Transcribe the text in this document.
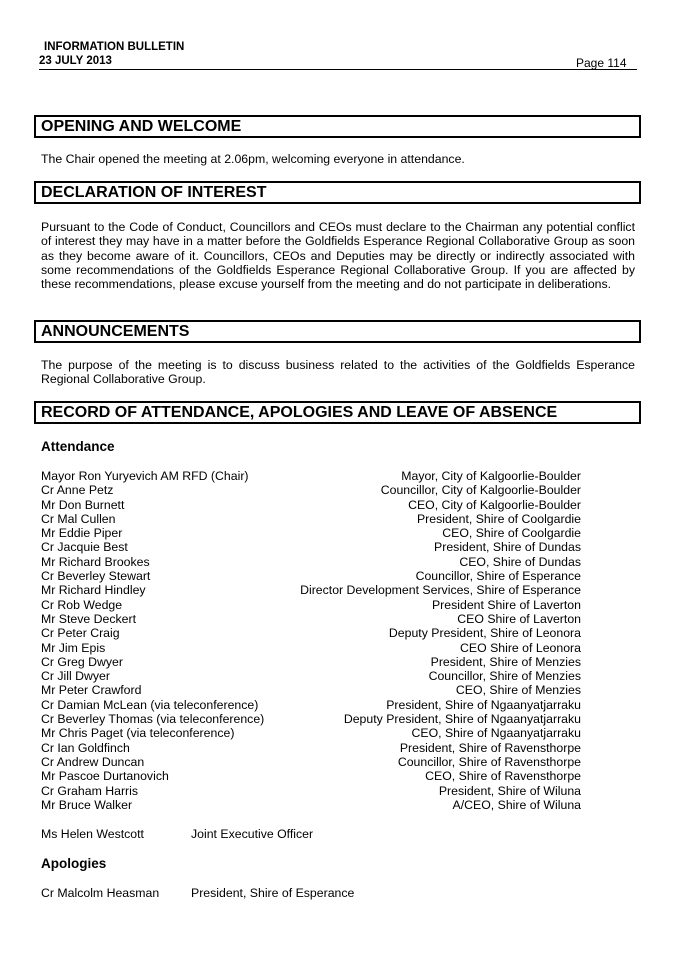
INFORMATION BULLETIN
23 JULY 2013	Page 114
OPENING AND WELCOME

The Chair opened the meeting at 2.06pm, welcoming everyone in attendance.

DECLARATION OF INTEREST

Pursuant to the Code of Conduct, Councillors and CEOs must declare to the Chairman any potential conflict of interest they may have in a matter before the Goldfields Esperance Regional Collaborative Group as soon as they become aware of it. Councillors, CEOs and Deputies may be directly or indirectly associated with some recommendations of the Goldfields Esperance Regional Collaborative Group. If you are affected by these recommendations, please excuse yourself from the meeting and do not participate in deliberations.

ANNOUNCEMENTS

The purpose of the meeting is to discuss business related to the activities of the Goldfields Esperance Regional Collaborative Group.

RECORD OF ATTENDANCE, APOLOGIES AND LEAVE OF ABSENCE
Attendance
Mayor Ron Yuryevich AM RFD (Chair)	Mayor, City of Kalgoorlie-Boulder
Cr Anne Petz	Councillor, City of Kalgoorlie-Boulder
Mr Don Burnett	CEO, City of Kalgoorlie-Boulder
Cr Mal Cullen	President, Shire of Coolgardie
Mr Eddie Piper	CEO, Shire of Coolgardie
Cr Jacquie Best	President, Shire of Dundas
Mr Richard Brookes	CEO, Shire of Dundas
Cr Beverley Stewart	Councillor, Shire of Esperance
Mr Richard Hindley	Director Development Services, Shire of Esperance
Cr Rob Wedge	President Shire of Laverton
Mr Steve Deckert	CEO Shire of Laverton
Cr Peter Craig	Deputy President, Shire of Leonora
Mr Jim Epis	CEO Shire of Leonora
Cr Greg Dwyer	President, Shire of Menzies
Cr Jill Dwyer	Councillor, Shire of Menzies
Mr Peter Crawford	CEO, Shire of Menzies
Cr Damian McLean (via teleconference)	President, Shire of Ngaanyatjarraku
Cr Beverley Thomas (via teleconference)	Deputy President, Shire of Ngaanyatjarraku
Mr Chris Paget (via teleconference)	CEO, Shire of Ngaanyatjarraku
Cr Ian Goldfinch	President, Shire of Ravensthorpe
Cr Andrew Duncan	Councillor, Shire of Ravensthorpe
Mr Pascoe Durtanovich	CEO, Shire of Ravensthorpe
Cr Graham Harris	President, Shire of Wiluna
Mr Bruce Walker	A/CEO, Shire of Wiluna
Ms Helen Westcott	Joint Executive Officer
Apologies
Cr Malcolm Heasman	President, Shire of Esperance
